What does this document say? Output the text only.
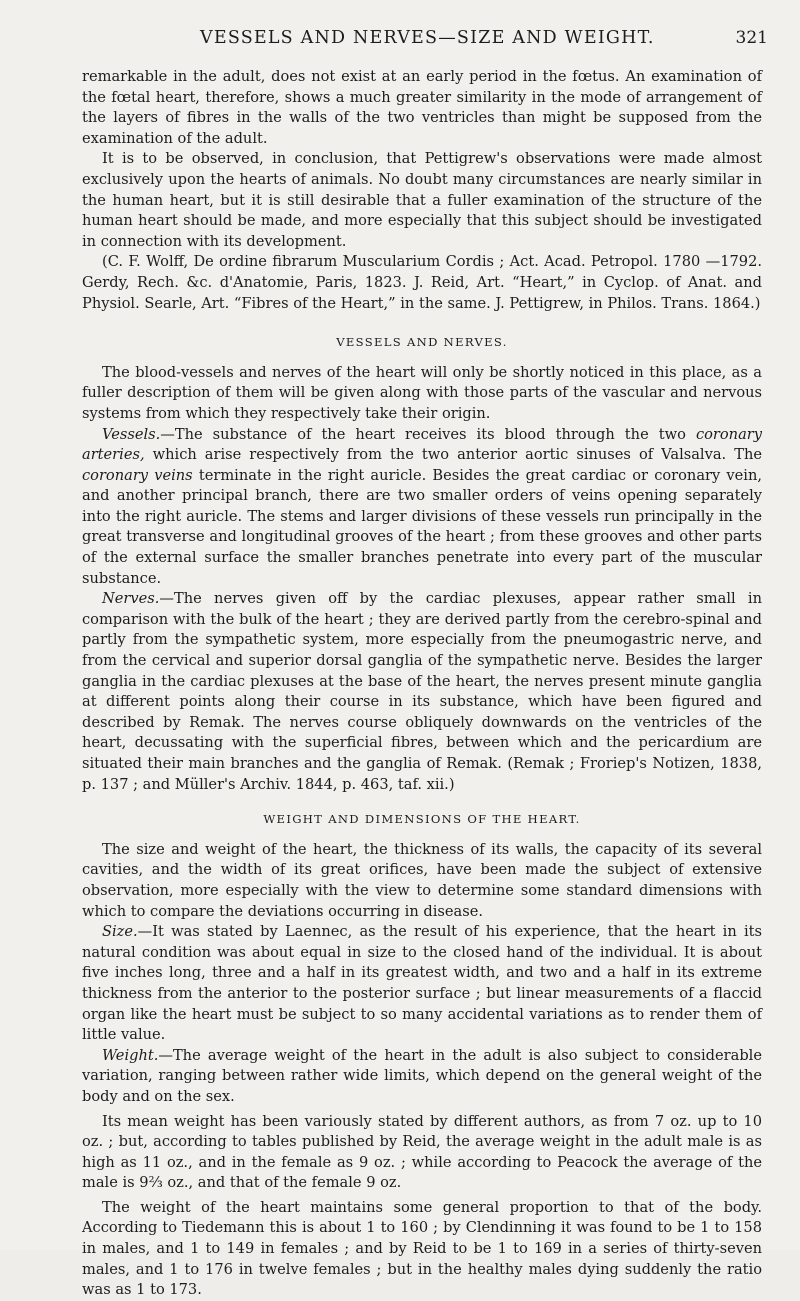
VESSELS AND NERVES—SIZE AND WEIGHT.	321

remarkable in the adult, does not exist at an early period in the fœtus. An examination of the fœtal heart, therefore, shows a much greater similarity in the mode of arrangement of the layers of fibres in the walls of the two ventricles than might be supposed from the examination of the adult.

It is to be observed, in conclusion, that Pettigrew's observations were made almost exclusively upon the hearts of animals. No doubt many circumstances are nearly similar in the human heart, but it is still desirable that a fuller examination of the structure of the human heart should be made, and more especially that this subject should be investigated in connection with its development.

(C. F. Wolff, De ordine fibrarum Muscularium Cordis ; Act. Acad. Petropol. 1780 —1792. Gerdy, Rech. &c. d'Anatomie, Paris, 1823. J. Reid, Art. “Heart,” in Cyclop. of Anat. and Physiol. Searle, Art. “Fibres of the Heart,” in the same. J. Pettigrew, in Philos. Trans. 1864.)

VESSELS AND NERVES.

The blood-vessels and nerves of the heart will only be shortly noticed in this place, as a fuller description of them will be given along with those parts of the vascular and nervous systems from which they respectively take their origin.

Vessels.—The substance of the heart receives its blood through the two coronary arteries, which arise respectively from the two anterior aortic sinuses of Valsalva. The coronary veins terminate in the right auricle. Besides the great cardiac or coronary vein, and another principal branch, there are two smaller orders of veins opening separately into the right auricle. The stems and larger divisions of these vessels run principally in the great transverse and longitudinal grooves of the heart ; from these grooves and other parts of the external surface the smaller branches penetrate into every part of the muscular substance.

Nerves.—The nerves given off by the cardiac plexuses, appear rather small in comparison with the bulk of the heart ; they are derived partly from the cerebro-spinal and partly from the sympathetic system, more especially from the pneumogastric nerve, and from the cervical and superior dorsal ganglia of the sympathetic nerve. Besides the larger ganglia in the cardiac plexuses at the base of the heart, the nerves present minute ganglia at different points along their course in its substance, which have been figured and described by Remak. The nerves course obliquely downwards on the ventricles of the heart, decussating with the superficial fibres, between which and the pericardium are situated their main branches and the ganglia of Remak. (Remak ; Froriep's Notizen, 1838, p. 137 ; and Müller's Archiv. 1844, p. 463, taf. xii.)

WEIGHT AND DIMENSIONS OF THE HEART.

The size and weight of the heart, the thickness of its walls, the capacity of its several cavities, and the width of its great orifices, have been made the subject of extensive observation, more especially with the view to determine some standard dimensions with which to compare the deviations occurring in disease.

Size.—It was stated by Laennec, as the result of his experience, that the heart in its natural condition was about equal in size to the closed hand of the individual. It is about five inches long, three and a half in its greatest width, and two and a half in its extreme thickness from the anterior to the posterior surface ; but linear measurements of a flaccid organ like the heart must be subject to so many accidental variations as to render them of little value.

Weight.—The average weight of the heart in the adult is also subject to considerable variation, ranging between rather wide limits, which depend on the general weight of the body and on the sex.

Its mean weight has been variously stated by different authors, as from 7 oz. up to 10 oz. ; but, according to tables published by Reid, the average weight in the adult male is as high as 11 oz., and in the female as 9 oz. ; while according to Peacock the average of the male is 9⅔ oz., and that of the female 9 oz.

The weight of the heart maintains some general proportion to that of the body. According to Tiedemann this is about 1 to 160 ; by Clendinning it was found to be 1 to 158 in males, and 1 to 149 in females ; and by Reid to be 1 to 169 in a series of thirty-seven males, and 1 to 176 in twelve females ; but in the healthy males dying suddenly the ratio was as 1 to 173.
